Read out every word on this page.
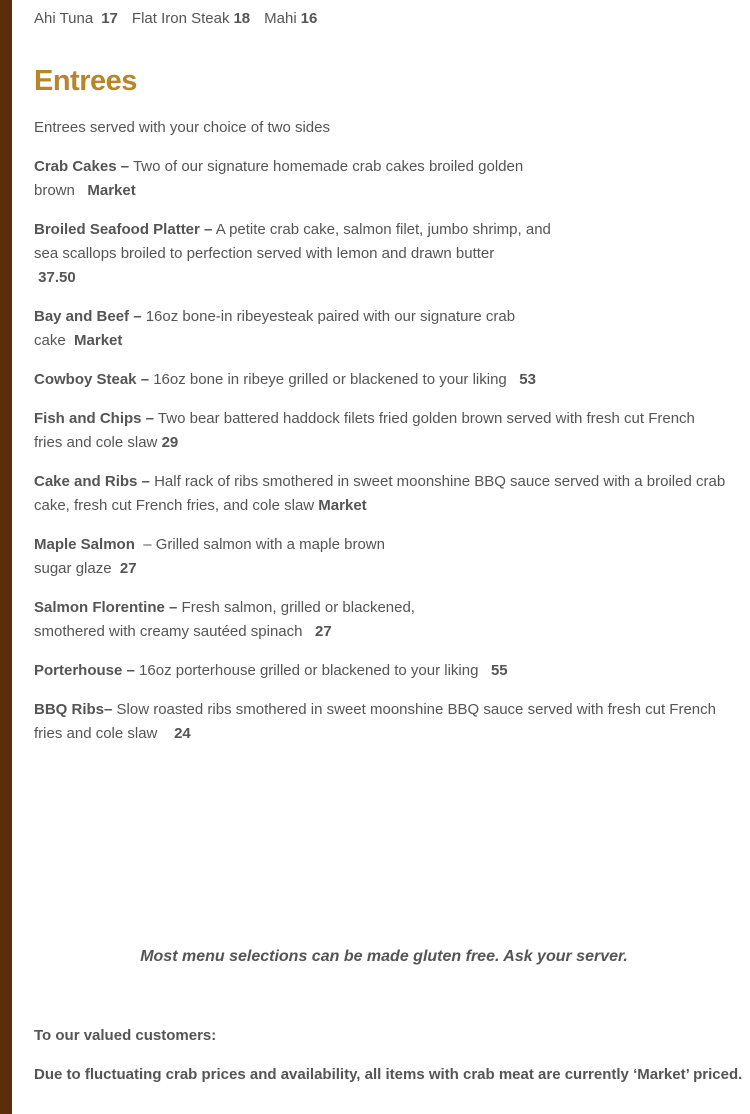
Ahi Tuna 17 Flat Iron Steak 18 Mahi 16
Entrees
Entrees served with your choice of two sides
Crab Cakes – Two of our signature homemade crab cakes broiled golden
brown Market
Broiled Seafood Platter – A petite crab cake, salmon filet, jumbo shrimp, and
sea scallops broiled to perfection served with lemon and drawn butter
37.50
Bay and Beef – 16oz bone-in ribeyesteak paired with our signature crab
cake Market
Cowboy Steak – 16oz bone in ribeye grilled or blackened to your liking 53
Fish and Chips – Two bear battered haddock filets fried golden brown served with fresh cut French
fries and cole slaw 29
Cake and Ribs – Half rack of ribs smothered in sweet moonshine BBQ sauce served with a broiled crab
cake, fresh cut French fries, and cole slaw Market
Maple Salmon – Grilled salmon with a maple brown
sugar glaze 27
Salmon Florentine – Fresh salmon, grilled or blackened,
smothered with creamy sautéed spinach 27
Porterhouse – 16oz porterhouse grilled or blackened to your liking 55
BBQ Ribs– Slow roasted ribs smothered in sweet moonshine BBQ sauce served with fresh cut French
fries and cole slaw 24
Most menu selections can be made gluten free. Ask your server.
To our valued customers:
Due to fluctuating crab prices and availability, all items with crab meat are currently ‘Market’ priced.
